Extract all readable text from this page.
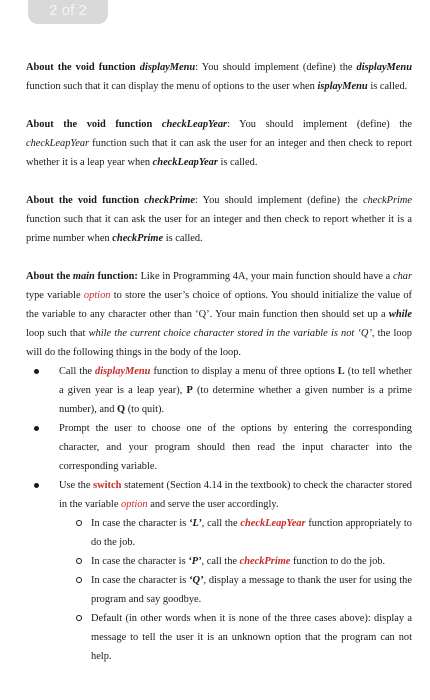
2 of 2

About the void function displayMenu: You should implement (define) the displayMenu function such that it can display the menu of options to the user when isplayMenu is called.

About the void function checkLeapYear: You should implement (define) the checkLeapYear function such that it can ask the user for an integer and then check to report whether it is a leap year when checkLeapYear is called.

About the void function checkPrime: You should implement (define) the checkPrime function such that it can ask the user for an integer and then check to report whether it is a prime number when checkPrime is called.

About the main function: Like in Programming 4A, your main function should have a char type variable option to store the user’s choice of options. You should initialize the value of the variable to any character other than ‘Q’. Your main function then should set up a while loop such that while the current choice character stored in the variable is not ‘Q’, the loop will do the following things in the body of the loop.

Call the displayMenu function to display a menu of three options L (to tell whether a given year is a leap year), P (to determine whether a given number is a prime number), and Q (to quit).
Prompt the user to choose one of the options by entering the corresponding character, and your program should then read the input character into the corresponding variable.
Use the switch statement (Section 4.14 in the textbook) to check the character stored in the variable option and serve the user accordingly.
In case the character is ‘L’, call the checkLeapYear function appropriately to do the job.
In case the character is ‘P’, call the checkPrime function to do the job.
In case the character is ‘Q’, display a message to thank the user for using the program and say goodbye.
Default (in other words when it is none of the three cases above): display a message to tell the user it is an unknown option that the program can not help.
